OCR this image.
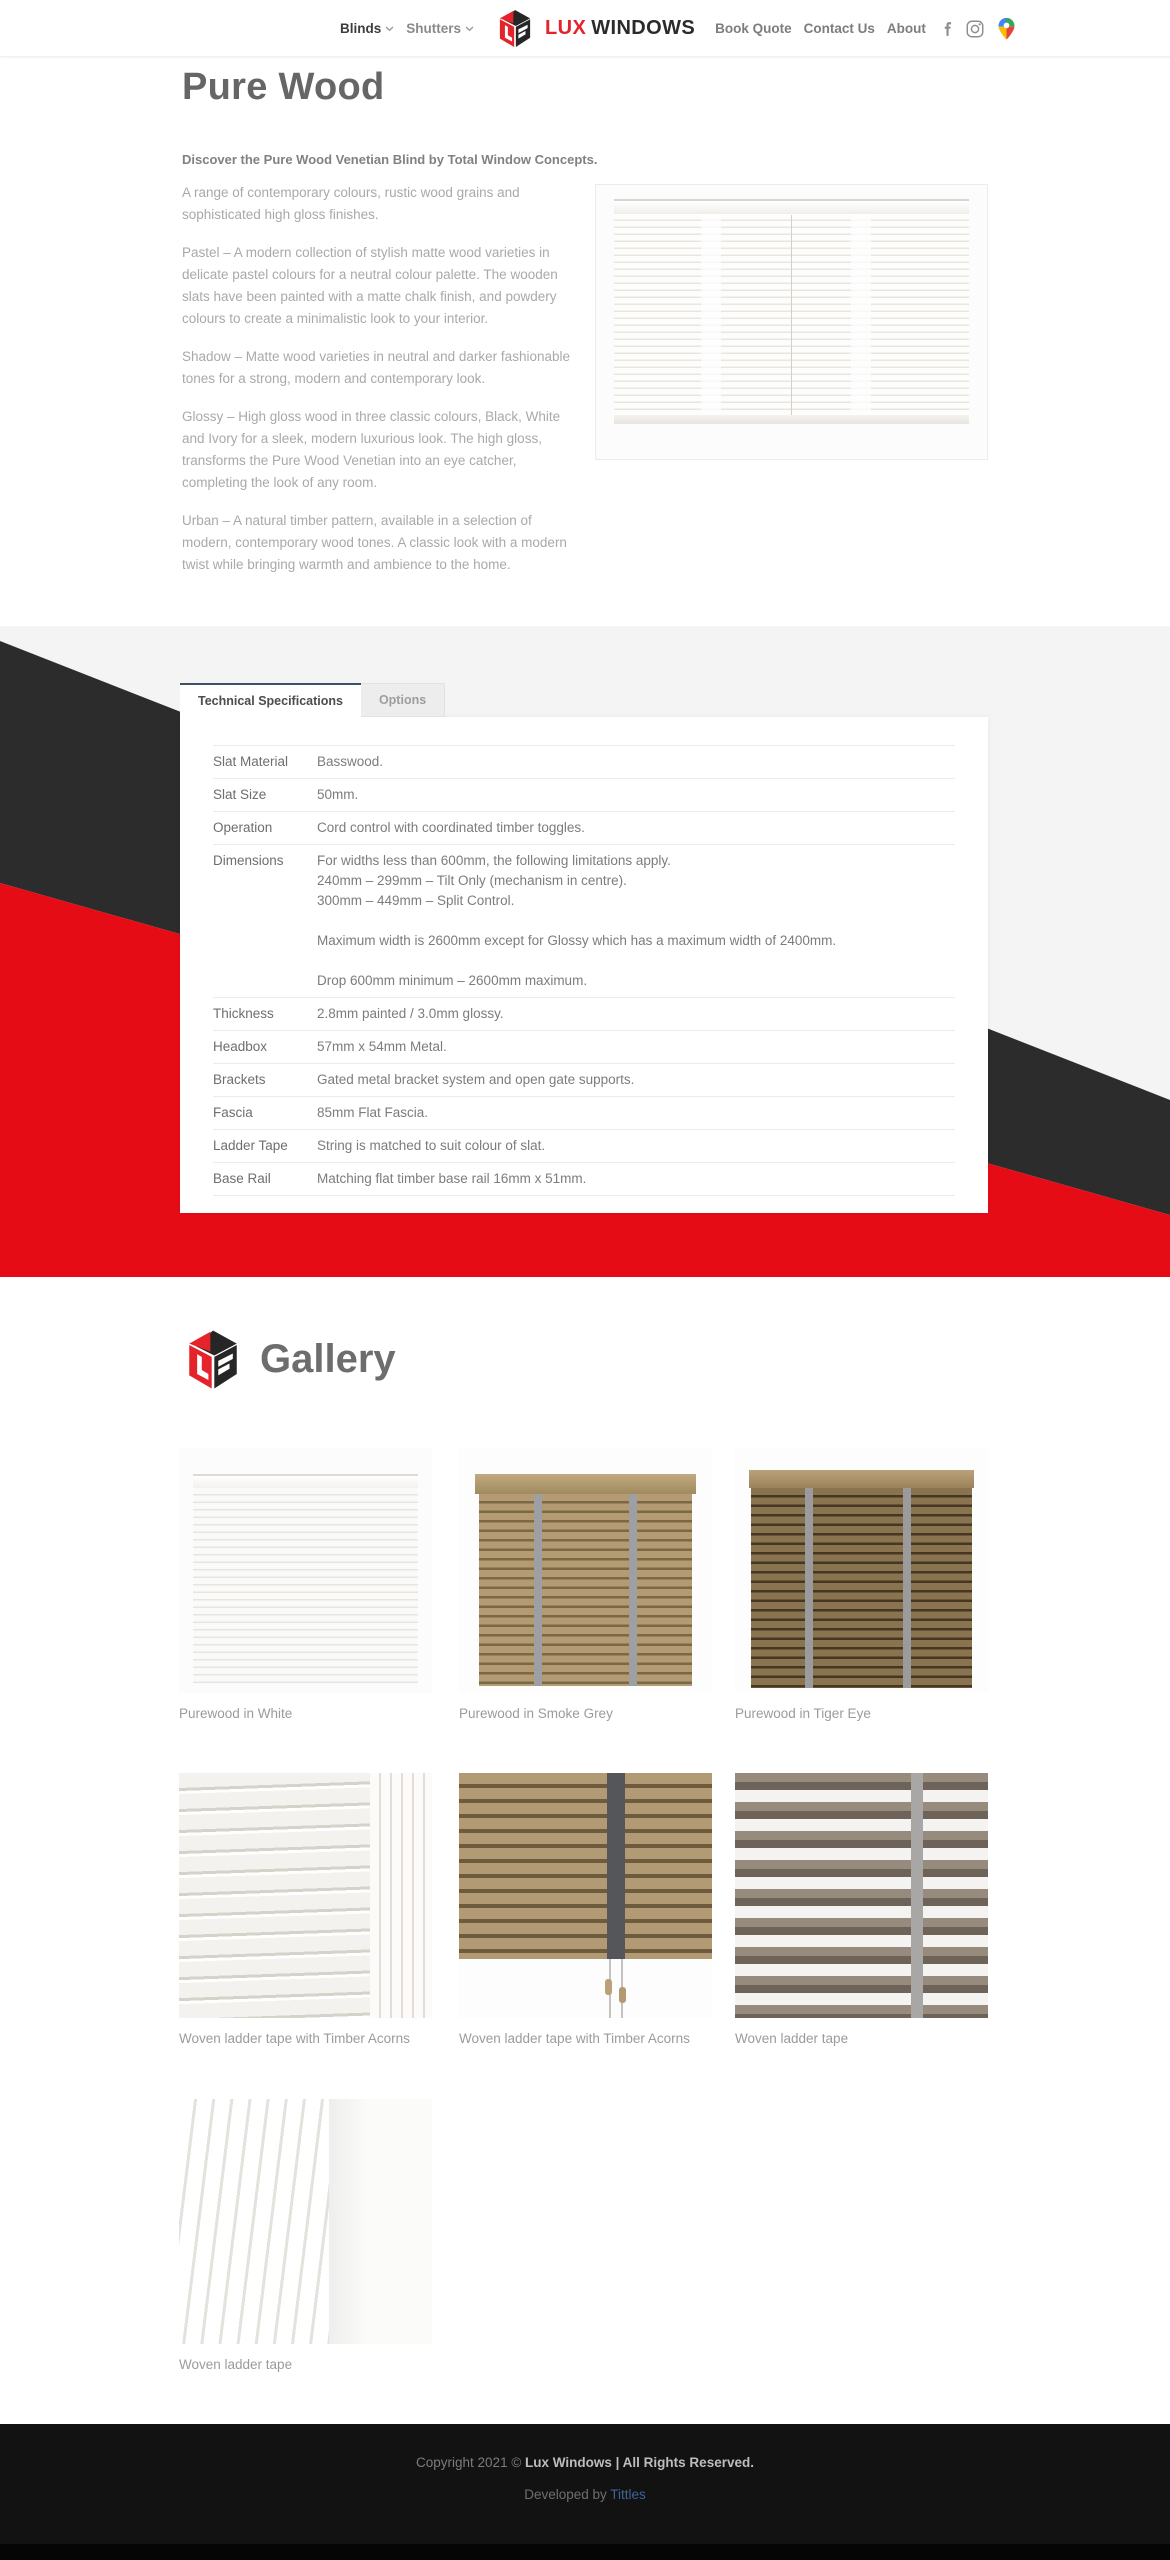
Blinds Shutters	LUX WINDOWS Book Quote Contact Us About
Pure Wood

Discover the Pure Wood Venetian Blind by Total Window Concepts.

A range of contemporary colours, rustic wood grains and sophisticated high gloss finishes.

Pastel – A modern collection of stylish matte wood varieties in delicate pastel colours for a neutral colour palette. The wooden slats have been painted with a matte chalk finish, and powdery colours to create a minimalistic look to your interior.

Shadow – Matte wood varieties in neutral and darker fashionable tones for a strong, modern and contemporary look.

Glossy – High gloss wood in three classic colours, Black, White and Ivory for a sleek, modern luxurious look. The high gloss, transforms the Pure Wood Venetian into an eye catcher, completing the look of any room.

Urban – A natural timber pattern, available in a selection of modern, contemporary wood tones. A classic look with a modern twist while bringing warmth and ambience to the home.

Technical Specifications	Options
Slat Material	Basswood.
Slat Size	50mm.
Operation	Cord control with coordinated timber toggles.
Dimensions	For widths less than 600mm, the following limitations apply.
240mm – 299mm – Tilt Only (mechanism in centre).
300mm – 449mm – Split Control.
Maximum width is 2600mm except for Glossy which has a maximum width of 2400mm.
Drop 600mm minimum – 2600mm maximum.
Thickness	2.8mm painted / 3.0mm glossy.
Headbox	57mm x 54mm Metal.
Brackets	Gated metal bracket system and open gate supports.
Fascia	85mm Flat Fascia.
Ladder Tape	String is matched to suit colour of slat.
Base Rail	Matching flat timber base rail 16mm x 51mm.
Gallery
Purewood in White	Purewood in Smoke Grey	Purewood in Tiger Eye
Woven ladder tape with Timber Acorns	Woven ladder tape with Timber Acorns	Woven ladder tape
Woven ladder tape
Copyright 2021 © Lux Windows | All Rights Reserved.
Developed by Tittles
